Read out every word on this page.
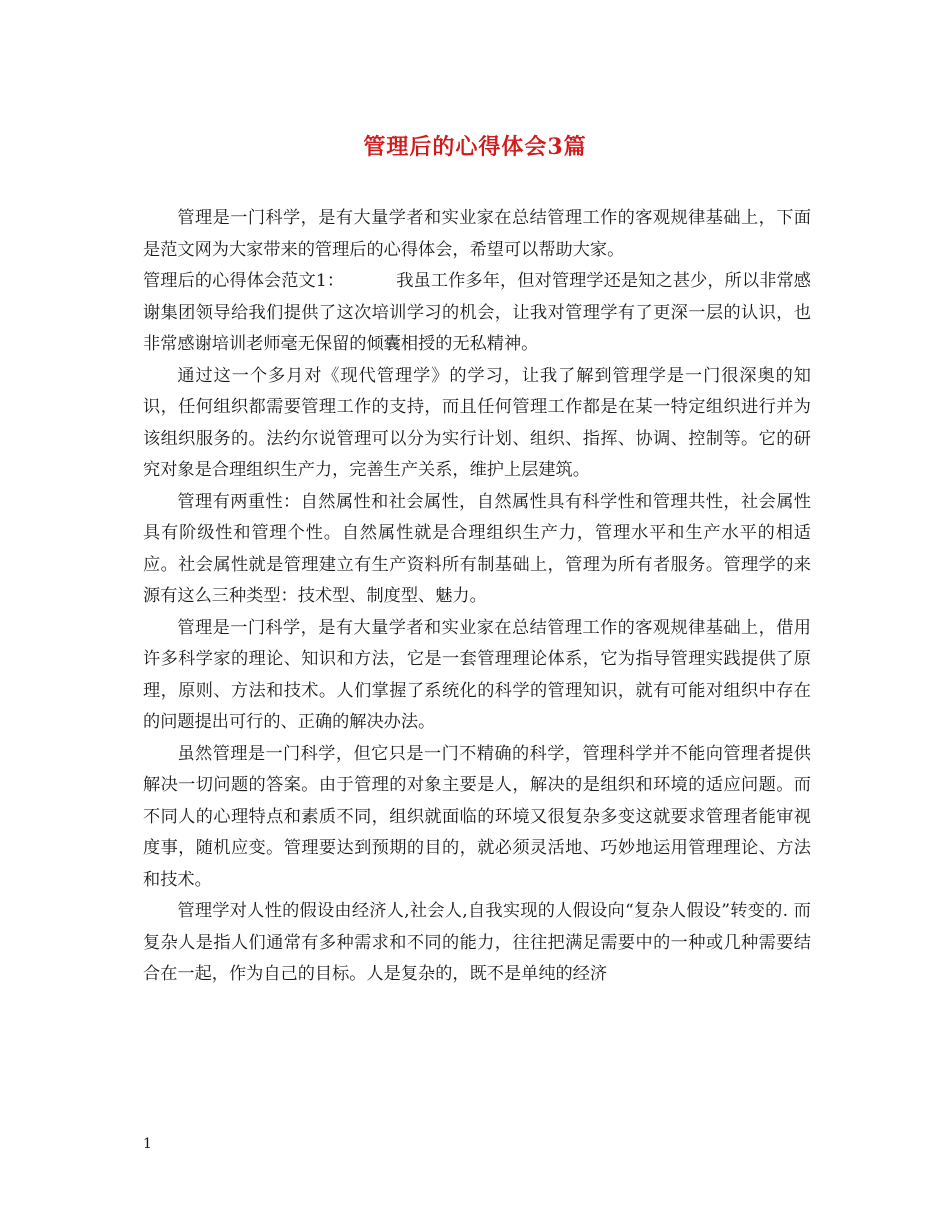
管理后的心得体会3篇

管理是一门科学，是有大量学者和实业家在总结管理工作的客观规律基础上，下面是范文网为大家带来的管理后的心得体会，希望可以帮助大家。

管理后的心得体会范文1：	我虽工作多年，但对管理学还是知之甚少，所以非常感谢集团领导给我们提供了这次培训学习的机会，让我对管理学有了更深一层的认识，也非常感谢培训老师毫无保留的倾囊相授的无私精神。

通过这一个多月对《现代管理学》的学习，让我了解到管理学是一门很深奥的知识，任何组织都需要管理工作的支持，而且任何管理工作都是在某一特定组织进行并为该组织服务的。法约尔说管理可以分为实行计划、组织、指挥、协调、控制等。它的研究对象是合理组织生产力，完善生产关系，维护上层建筑。

管理有两重性：自然属性和社会属性，自然属性具有科学性和管理共性，社会属性具有阶级性和管理个性。自然属性就是合理组织生产力，管理水平和生产水平的相适应。社会属性就是管理建立有生产资料所有制基础上，管理为所有者服务。管理学的来源有这么三种类型：技术型、制度型、魅力。

管理是一门科学，是有大量学者和实业家在总结管理工作的客观规律基础上，借用许多科学家的理论、知识和方法，它是一套管理理论体系，它为指导管理实践提供了原理，原则、方法和技术。人们掌握了系统化的科学的管理知识，就有可能对组织中存在的问题提出可行的、正确的解决办法。

虽然管理是一门科学，但它只是一门不精确的科学，管理科学并不能向管理者提供解决一切问题的答案。由于管理的对象主要是人，解决的是组织和环境的适应问题。而不同人的心理特点和素质不同，组织就面临的环境又很复杂多变这就要求管理者能审视度事，随机应变。管理要达到预期的目的，就必须灵活地、巧妙地运用管理理论、方法和技术。

管理学对人性的假设由经济人,社会人,自我实现的人假设向“复杂人假设”转变的. 而复杂人是指人们通常有多种需求和不同的能力，往往把满足需要中的一种或几种需要结合在一起，作为自己的目标。人是复杂的，既不是单纯的经济

1
